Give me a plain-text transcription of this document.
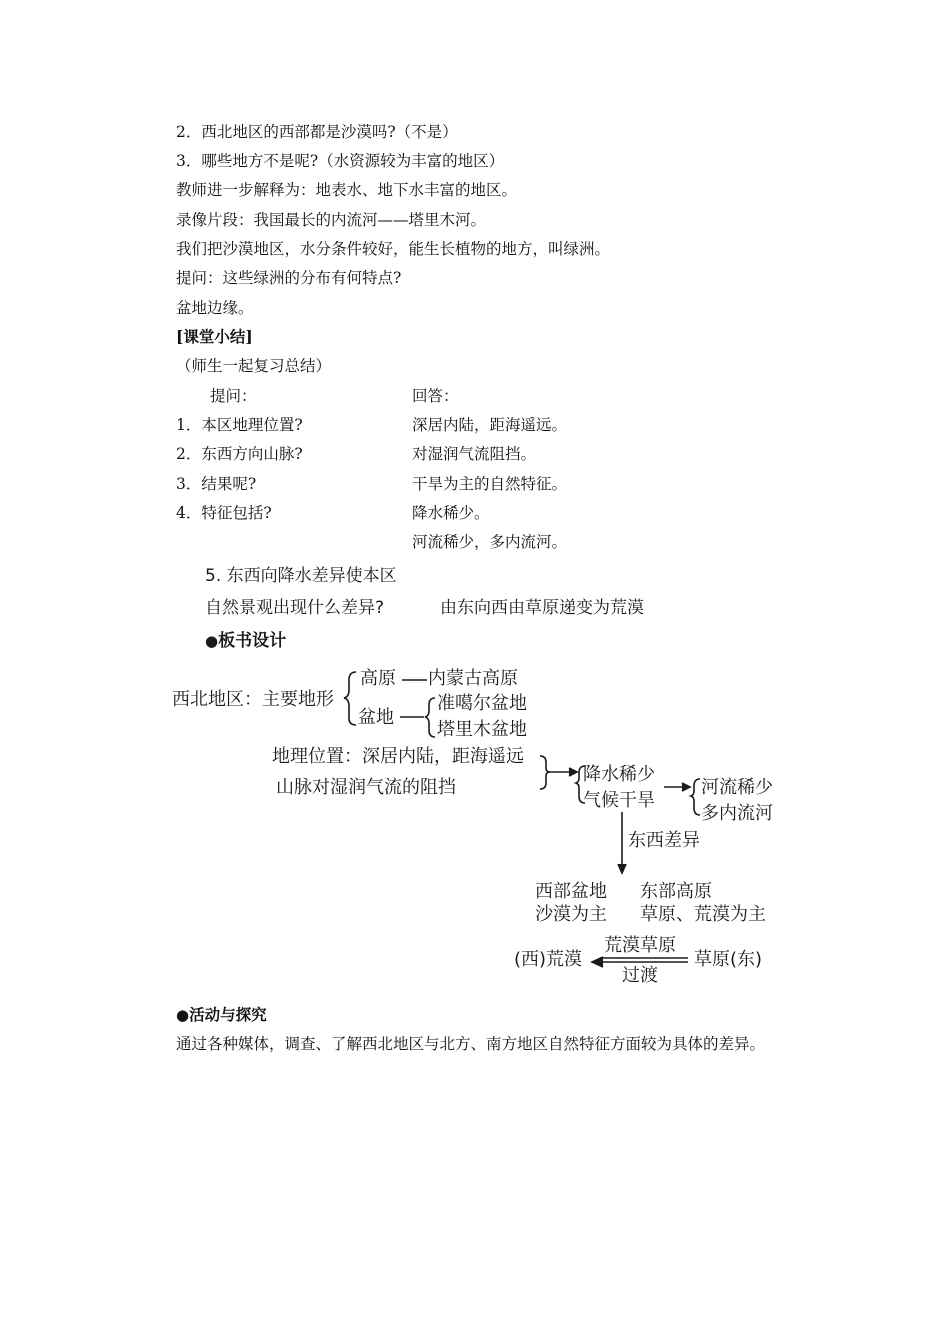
2．西北地区的西部都是沙漠吗?（不是）
3．哪些地方不是呢?（水资源较为丰富的地区）
教师进一步解释为：地表水、地下水丰富的地区。
录像片段：我国最长的内流河——塔里木河。
我们把沙漠地区，水分条件较好，能生长植物的地方，叫绿洲。
提问：这些绿洲的分布有何特点?
盆地边缘。
[课堂小结]
（师生一起复习总结）
提问：	回答：
1．本区地理位置?	深居内陆，距海遥远。
2．东西方向山脉?	对湿润气流阻挡。
3．结果呢?	干旱为主的自然特征。
4．特征包括?	降水稀少。
河流稀少，多内流河。
5. 东西向降水差异使本区
自然景观出现什么差异?	由东向西由草原递变为荒漠
●板书设计
西北地区：主要地形
高原 内蒙古高原
盆地
准噶尔盆地
塔里木盆地
地理位置：深居内陆，距海遥远
山脉对湿润气流的阻挡
降水稀少
气候干旱
河流稀少
多内流河
东西差异
西部盆地
沙漠为主
东部高原
草原、荒漠为主
(西)荒漠
荒漠草原
过渡
草原(东)
●活动与探究
通过各种媒体，调查、了解西北地区与北方、南方地区自然特征方面较为具体的差异。
